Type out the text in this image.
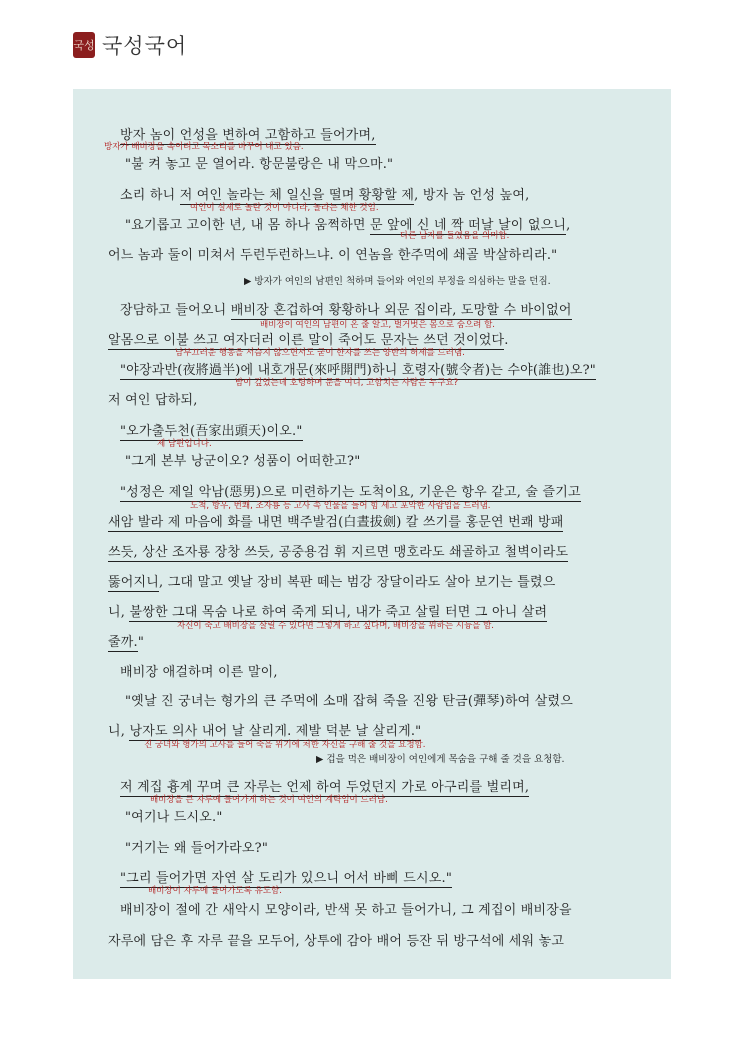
국성 국성국어
방자 놈이 언성을 변하여 고함하고 들어가며,
"불 켜 놓고 문 열어라. 항문불랑은 내 막으마."
소리 하니 저 여인 놀라는 체 일신을 떨며 황황할 제, 방자 놈 언성 높여,
"요기롭고 고이한 년, 내 몸 하나 움쩍하면 문 앞에 신 네 짝 떠날 날이 없으니,
어느 놈과 둘이 미쳐서 두런두런하느냐. 이 연놈을 한주먹에 쇄골 박살하리라."
장담하고 들어오니 배비장 혼겁하여 황황하나 외문 집이라, 도망할 수 바이없어
알몸으로 이불 쓰고 여자더러 이른 말이 죽어도 문자는 쓰던 것이었다.
"야장과반(夜將過半)에 내호개문(來呼開門)하니 호령자(號令者)는 수야(誰也)오?"
저 여인 답하되,
"오가출두천(吾家出頭天)이오."
"그게 본부 낭군이오? 성품이 어떠한고?"
"성정은 제일 악남(惡男)으로 미련하기는 도척이요, 기운은 항우 같고, 술 즐기고
새암 발라 제 마음에 화를 내면 백주발검(白晝拔劍) 칼 쓰기를 홍문연 번쾌 방패
쓰듯, 상산 조자룡 장창 쓰듯, 공중용검 휘 지르면 맹호라도 쇄골하고 철벽이라도
뚫어지니, 그대 말고 옛날 장비 복판 떼는 범강 장달이라도 살아 보기는 틀렸으
니, 불쌍한 그대 목숨 나로 하여 죽게 되니, 내가 죽고 살릴 터면 그 아니 살려
줄까."
배비장 애걸하며 이른 말이,
"옛날 진 궁녀는 형가의 큰 주먹에 소매 잡혀 죽을 진왕 탄금(彈琴)하여 살렸으
니, 낭자도 의사 내어 날 살리게. 제발 덕분 날 살리게."
저 계집 흉계 꾸며 큰 자루는 언제 하여 두었던지 가로 아구리를 벌리며,
"여기나 드시오."
"거기는 왜 들어가라오?"
"그리 들어가면 자연 살 도리가 있으니 어서 바삐 드시오."
배비장이 절에 간 새악시 모양이라, 반색 못 하고 들어가니, 그 계집이 배비장을
자루에 담은 후 자루 끝을 모두어, 상투에 감아 배어 등잔 뒤 방구석에 세워 놓고
방자가 배비장을 속이려고 목소리를 바꾸어 내고 있음.
여인이 실제로 놀란 것이 아니라, 놀라는 체한 것임.
다른 남자를 들였음을 의미함.
배비장이 여인의 남편이 온 줄 알고, 벌거벗은 몸으로 숨으려 함.
남부끄러운 행동을 서슴지 않으면서도 굳이 한자를 쓰는 양반의 허세를 드러냄.
밤이 깊었는데 호령하며 문을 여니, 고함치는 사람은 누구요?
제 남편입니다.
도척, 항우, 번쾌, 조자룡 등 고사 속 인물을 들어 힘 세고 포악한 사람임을 드러냄.
자신이 죽고 배비장을 살릴 수 있다면 그렇게 하고 싶다며, 배비장을 위하는 시늉을 함.
진 궁녀와 형가의 고사를 들어 죽을 위기에 처한 자신을 구해 줄 것을 요청함.
배비장을 큰 자루에 들어가게 하는 것이 여인의 계략임이 드러남.
배비장이 자루에 들어가도록 유도함.
▶ 방자가 여인의 남편인 척하며 들어와 여인의 부정을 의심하는 말을 던짐.
▶ 겁을 먹은 배비장이 여인에게 목숨을 구해 줄 것을 요청함.
